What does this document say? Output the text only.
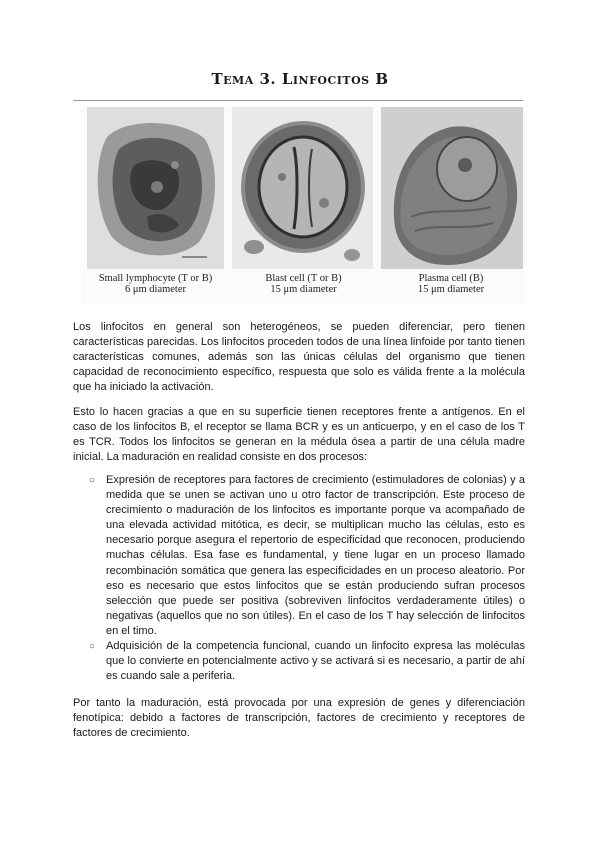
Tema 3. Linfocitos B
Small lymphocyte (T or B)
6 μm diameter
Blast cell (T or B)
15 μm diameter
Plasma cell (B)
15 μm diameter

Los linfocitos en general son heterogéneos, se pueden diferenciar, pero tienen características parecidas. Los linfocitos proceden todos de una línea linfoide por tanto tienen características comunes, además son las únicas células del organismo que tienen capacidad de reconocimiento específico, respuesta que solo es válida frente a la molécula que ha iniciado la activación.

Esto lo hacen gracias a que en su superficie tienen receptores frente a antígenos. En el caso de los linfocitos B, el receptor se llama BCR y es un anticuerpo, y en el caso de los T es TCR. Todos los linfocitos se generan en la médula ósea a partir de una célula madre inicial. La maduración en realidad consiste en dos procesos:

○ Expresión de receptores para factores de crecimiento (estimuladores de colonias) y a medida que se unen se activan uno u otro factor de transcripción. Este proceso de crecimiento o maduración de los linfocitos es importante porque va acompañado de una elevada actividad mitótica, es decir, se multiplican mucho las células, esto es necesario porque asegura el repertorio de especificidad que reconocen, produciendo muchas células. Esa fase es fundamental, y tiene lugar en un proceso llamado recombinación somática que genera las especificidades en un proceso aleatorio. Por eso es necesario que estos linfocitos que se están produciendo sufran procesos selección que puede ser positiva (sobreviven linfocitos verdaderamente útiles) o negativas (aquellos que no son útiles). En el caso de los T hay selección de linfocitos en el timo.
○ Adquisición de la competencia funcional, cuando un linfocito expresa las moléculas que lo convierte en potencialmente activo y se activará si es necesario, a partir de ahí es cuando sale a periferia.

Por tanto la maduración, está provocada por una expresión de genes y diferenciación fenotípica: debido a factores de transcripción, factores de crecimiento y receptores de factores de crecimiento.
